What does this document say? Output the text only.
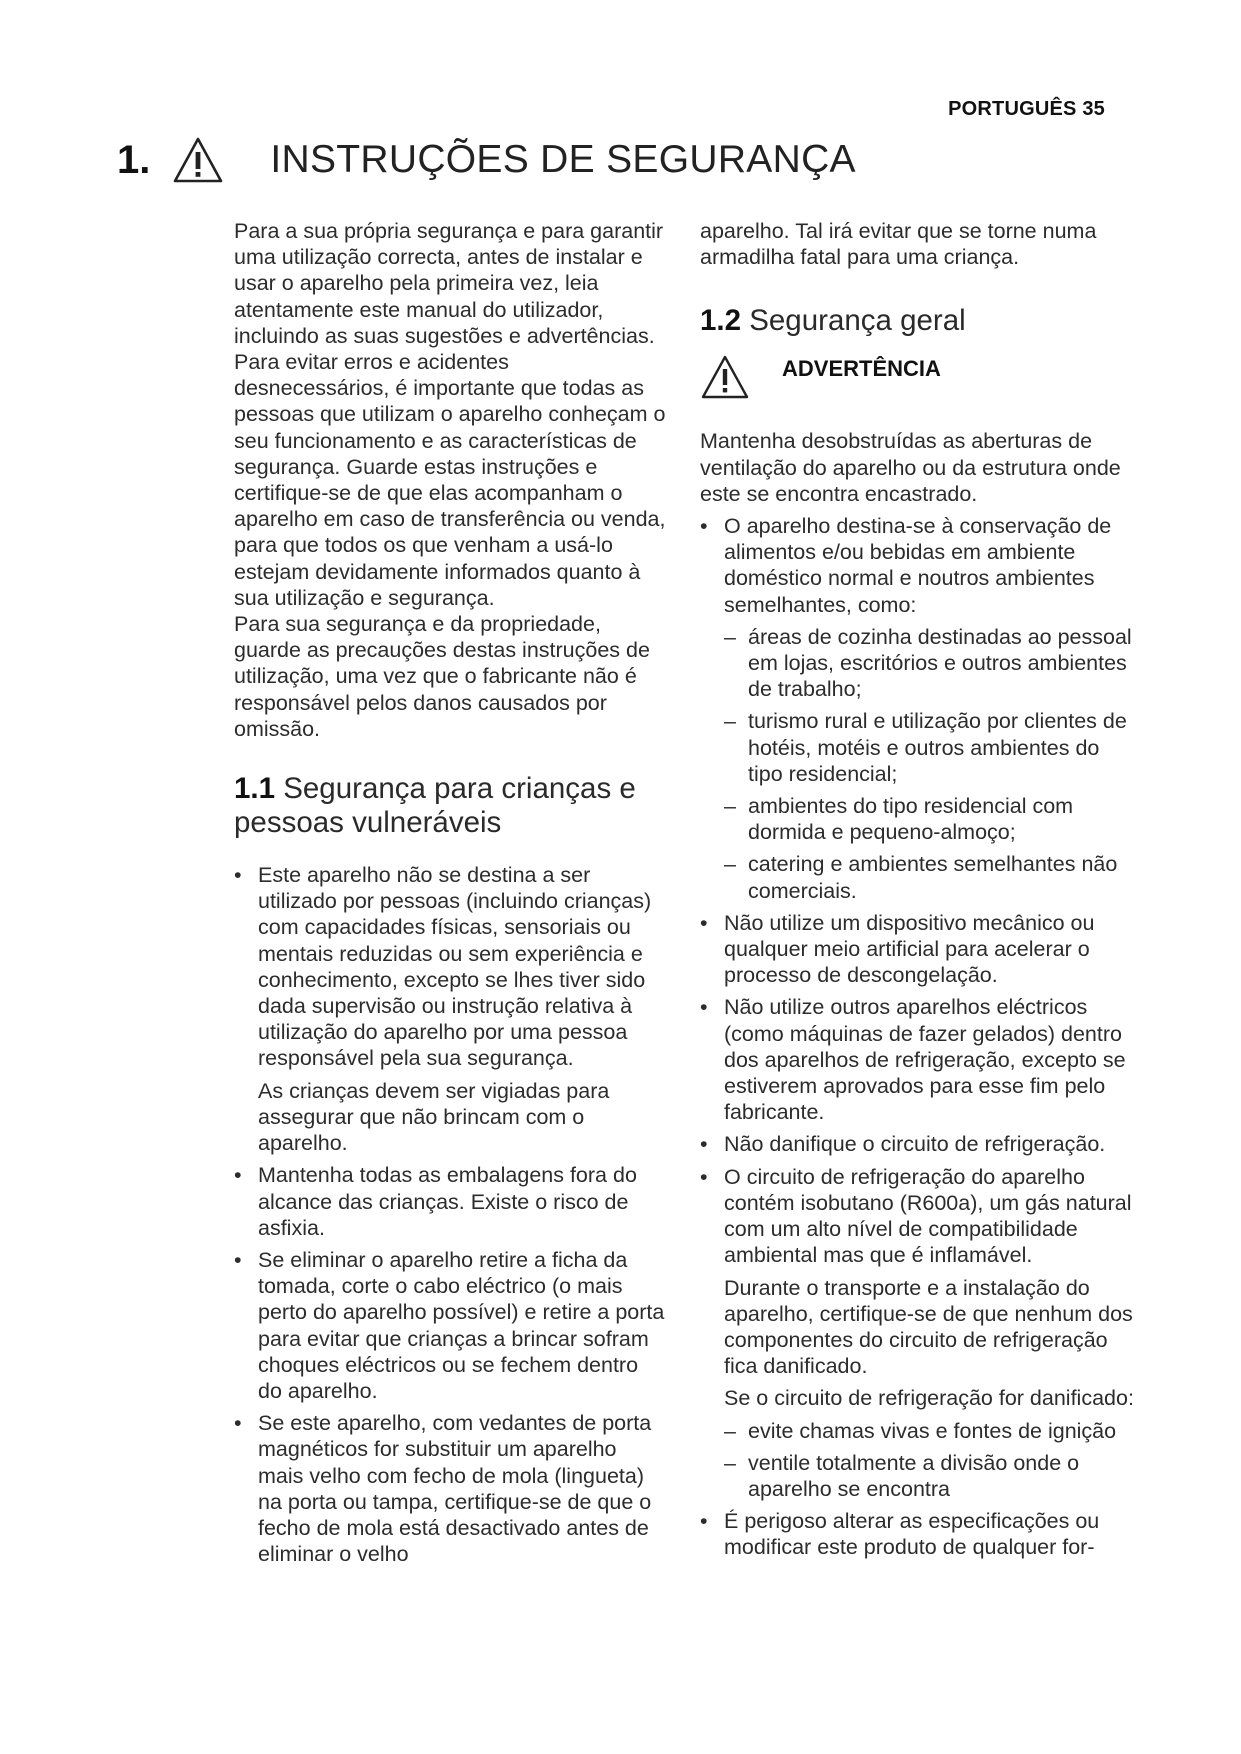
PORTUGUÊS 35
1.	INSTRUÇÕES DE SEGURANÇA

Para a sua própria segurança e para garantir uma utilização correcta, antes de instalar e usar o aparelho pela primeira vez, leia atentamente este manual do utilizador, incluindo as suas sugestões e advertências. Para evitar erros e acidentes desnecessários, é importante que todas as pessoas que utilizam o aparelho conheçam o seu funcionamento e as características de segurança. Guarde estas instruções e certifique-se de que elas acompanham o aparelho em caso de transferência ou venda, para que todos os que venham a usá-lo estejam devidamente informados quanto à sua utilização e segurança.

Para sua segurança e da propriedade, guarde as precauções destas instruções de utilização, uma vez que o fabricante não é responsável pelos danos causados por omissão.

1.1 Segurança para crianças e pessoas vulneráveis
• Este aparelho não se destina a ser utilizado por pessoas (incluindo crianças) com capacidades físicas, sensoriais ou mentais reduzidas ou sem experiência e conhecimento, excepto se lhes tiver sido dada supervisão ou instrução relativa à utilização do aparelho por uma pessoa responsável pela sua segurança.
As crianças devem ser vigiadas para assegurar que não brincam com o aparelho.
• Mantenha todas as embalagens fora do alcance das crianças. Existe o risco de asfixia.
• Se eliminar o aparelho retire a ficha da tomada, corte o cabo eléctrico (o mais perto do aparelho possível) e retire a porta para evitar que crianças a brincar sofram choques eléctricos ou se fechem dentro do aparelho.
• Se este aparelho, com vedantes de porta magnéticos for substituir um aparelho mais velho com fecho de mola (lingueta) na porta ou tampa, certifique-se de que o fecho de mola está desactivado antes de eliminar o velho

aparelho. Tal irá evitar que se torne numa armadilha fatal para uma criança.

1.2 Segurança geral
ADVERTÊNCIA

Mantenha desobstruídas as aberturas de ventilação do aparelho ou da estrutura onde este se encontra encastrado.

• O aparelho destina-se à conservação de alimentos e/ou bebidas em ambiente doméstico normal e noutros ambientes semelhantes, como:
– áreas de cozinha destinadas ao pessoal em lojas, escritórios e outros ambientes de trabalho;
– turismo rural e utilização por clientes de hotéis, motéis e outros ambientes do tipo residencial;
– ambientes do tipo residencial com dormida e pequeno-almoço;
– catering e ambientes semelhantes não comerciais.
• Não utilize um dispositivo mecânico ou qualquer meio artificial para acelerar o processo de descongelação.
• Não utilize outros aparelhos eléctricos (como máquinas de fazer gelados) dentro dos aparelhos de refrigeração, excepto se estiverem aprovados para esse fim pelo fabricante.
• Não danifique o circuito de refrigeração.
• O circuito de refrigeração do aparelho contém isobutano (R600a), um gás natural com um alto nível de compatibilidade ambiental mas que é inflamável.
Durante o transporte e a instalação do aparelho, certifique-se de que nenhum dos componentes do circuito de refrigeração fica danificado.
Se o circuito de refrigeração for danificado:
– evite chamas vivas e fontes de ignição
– ventile totalmente a divisão onde o aparelho se encontra
• É perigoso alterar as especificações ou modificar este produto de qualquer for-
